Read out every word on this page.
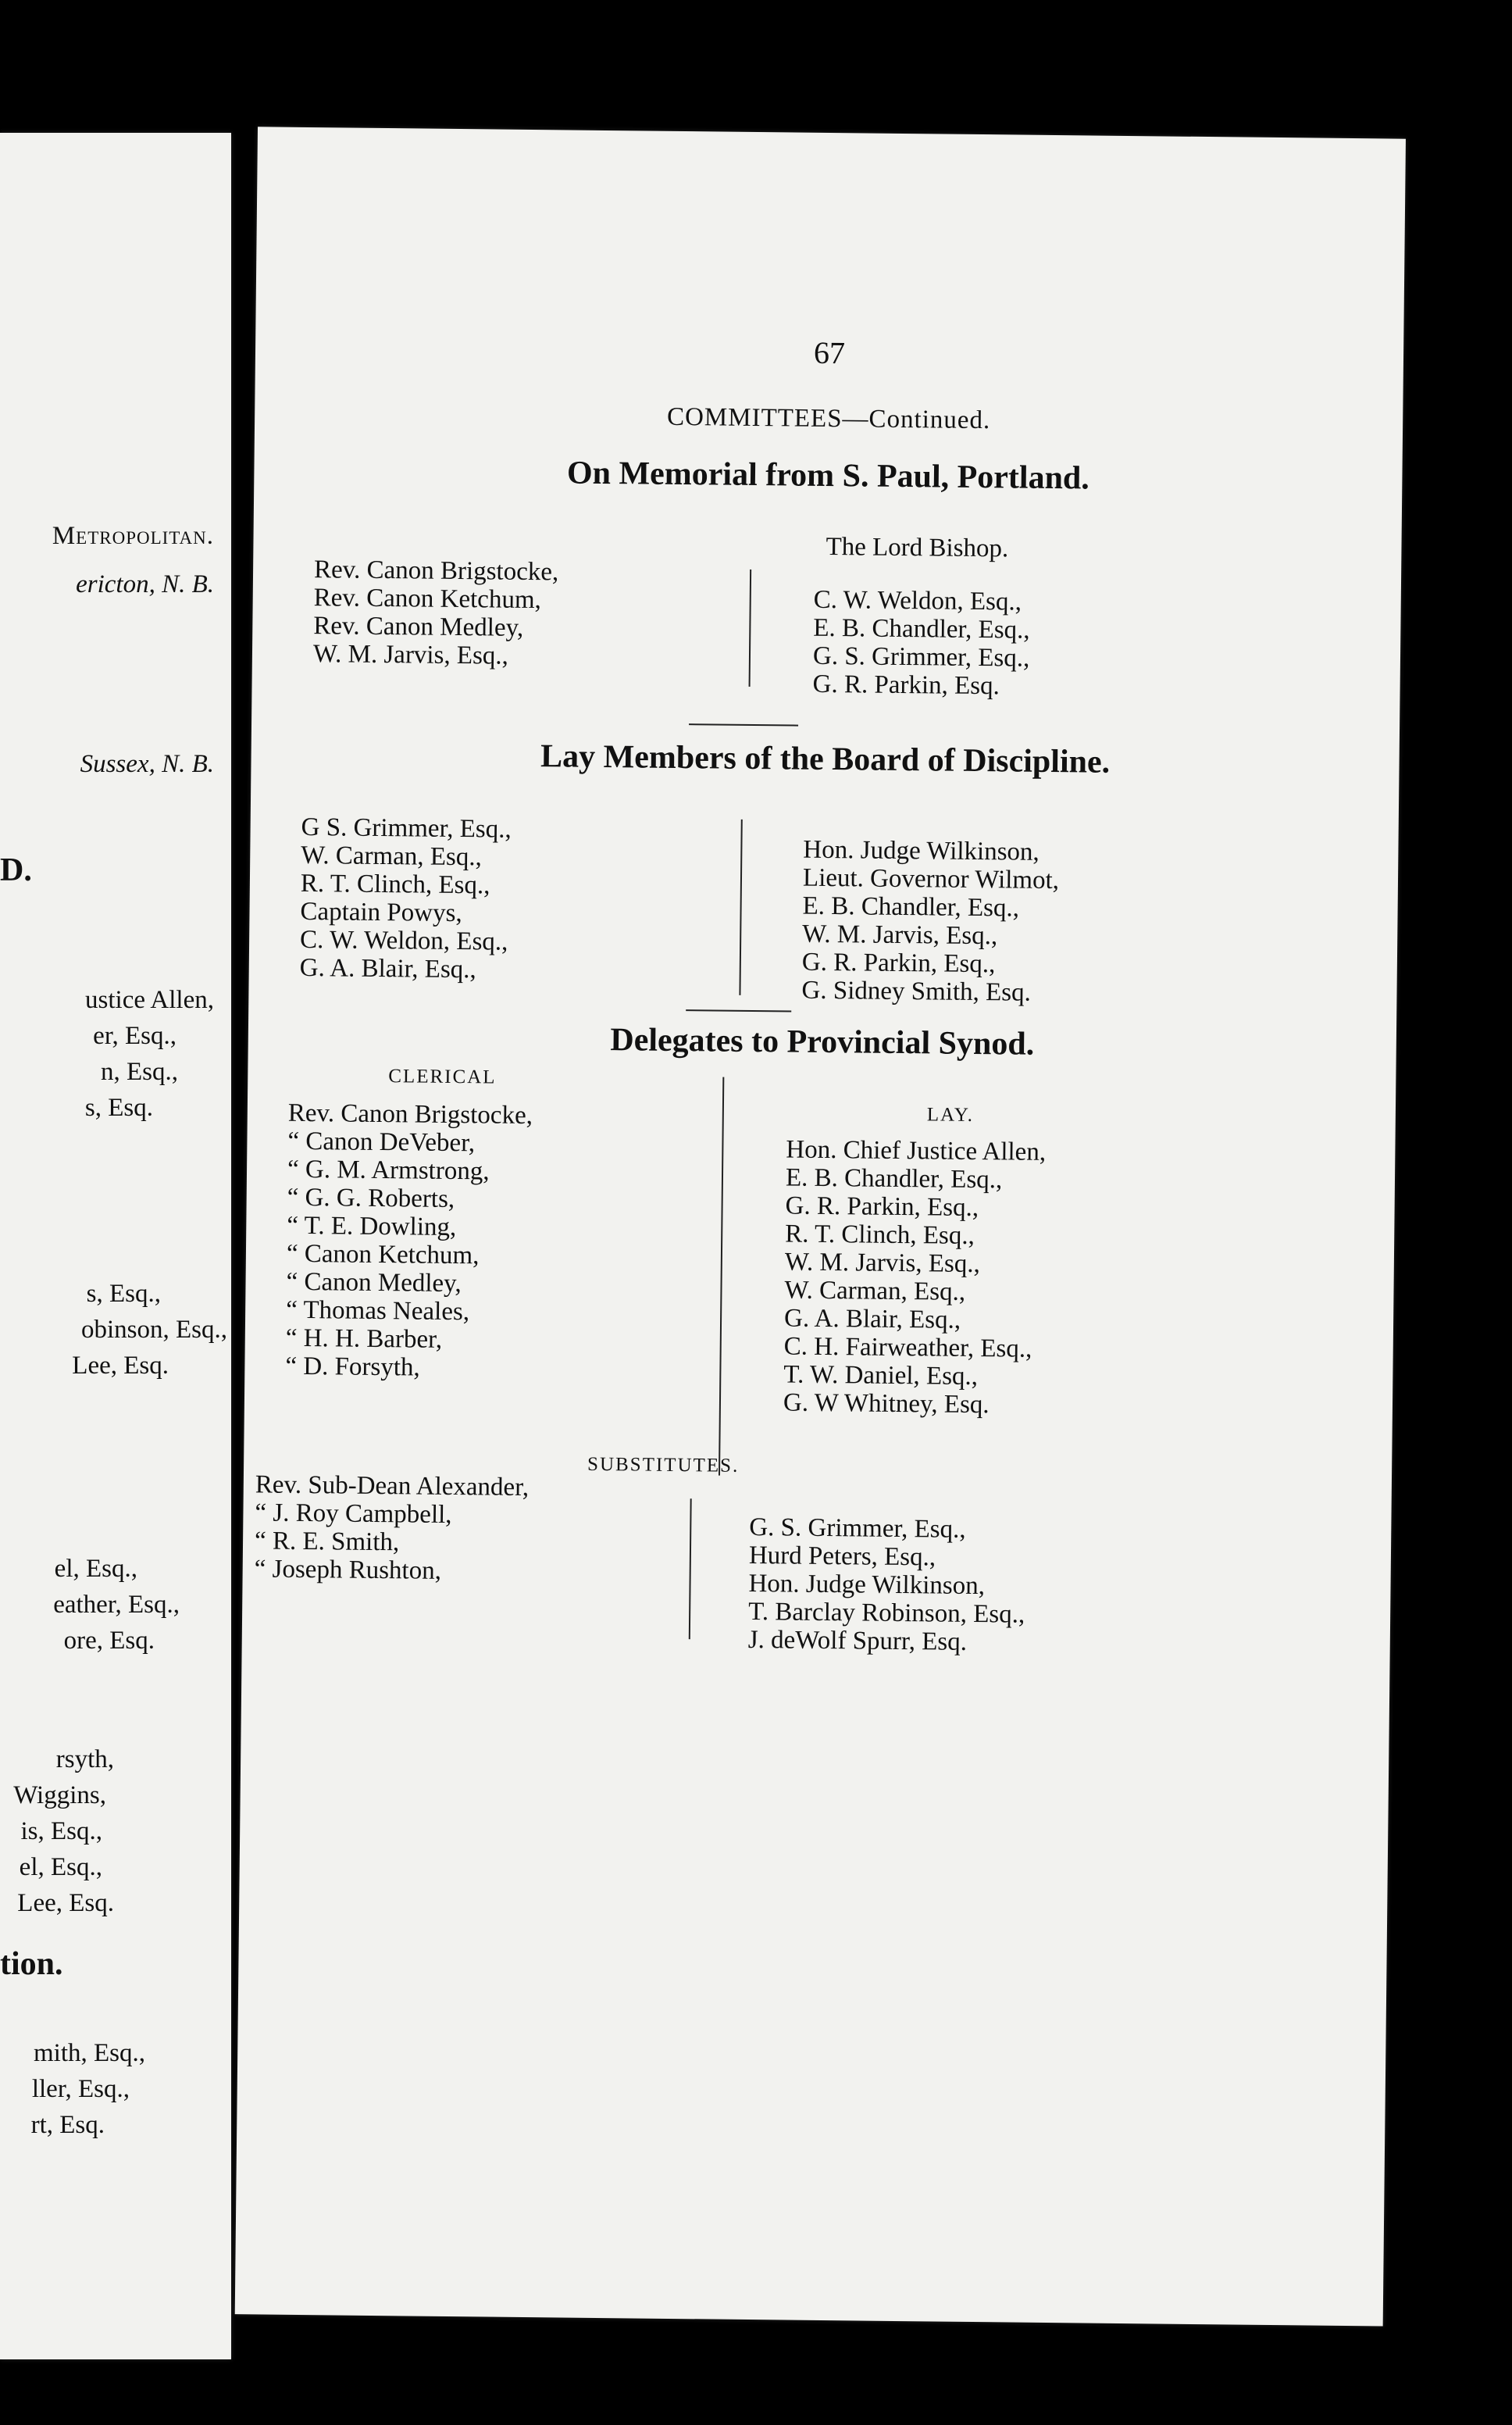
Metropolitan.
ericton, N. B.
Sussex, N. B.
D.
ustice Allen,
er, Esq.,
n, Esq.,
s, Esq.
s, Esq.,
obinson, Esq.,
Lee, Esq.
el, Esq.,
eather, Esq.,
ore, Esq.
rsyth,
Wiggins,
is, Esq.,
el, Esq.,
Lee, Esq.
tion.
mith, Esq.,
ller, Esq.,
rt, Esq.
67
COMMITTEES—Continued.
On Memorial from S. Paul, Portland.
The Lord Bishop.
Rev. Canon Brigstocke,
Rev. Canon Ketchum,
Rev. Canon Medley,
W. M. Jarvis, Esq.,
C. W. Weldon, Esq.,
E. B. Chandler, Esq.,
G. S. Grimmer, Esq.,
G. R. Parkin, Esq.
Lay Members of the Board of Discipline.
G S. Grimmer, Esq.,
W. Carman, Esq.,
R. T. Clinch, Esq.,
Captain Powys,
C. W. Weldon, Esq.,
G. A. Blair, Esq.,
Hon. Judge Wilkinson,
Lieut. Governor Wilmot,
E. B. Chandler, Esq.,
W. M. Jarvis, Esq.,
G. R. Parkin, Esq.,
G. Sidney Smith, Esq.
Delegates to Provincial Synod.
CLERICAL
LAY.
Rev. Canon Brigstocke,
“ Canon DeVeber,
“ G. M. Armstrong,
“ G. G. Roberts,
“ T. E. Dowling,
“ Canon Ketchum,
“ Canon Medley,
“ Thomas Neales,
“ H. H. Barber,
“ D. Forsyth,
Hon. Chief Justice Allen,
E. B. Chandler, Esq.,
G. R. Parkin, Esq.,
R. T. Clinch, Esq.,
W. M. Jarvis, Esq.,
W. Carman, Esq.,
G. A. Blair, Esq.,
C. H. Fairweather, Esq.,
T. W. Daniel, Esq.,
G. W Whitney, Esq.
SUBSTITUTES.
Rev. Sub-Dean Alexander,
“ J. Roy Campbell,
“ R. E. Smith,
“ Joseph Rushton,
G. S. Grimmer, Esq.,
Hurd Peters, Esq.,
Hon. Judge Wilkinson,
T. Barclay Robinson, Esq.,
J. deWolf Spurr, Esq.
